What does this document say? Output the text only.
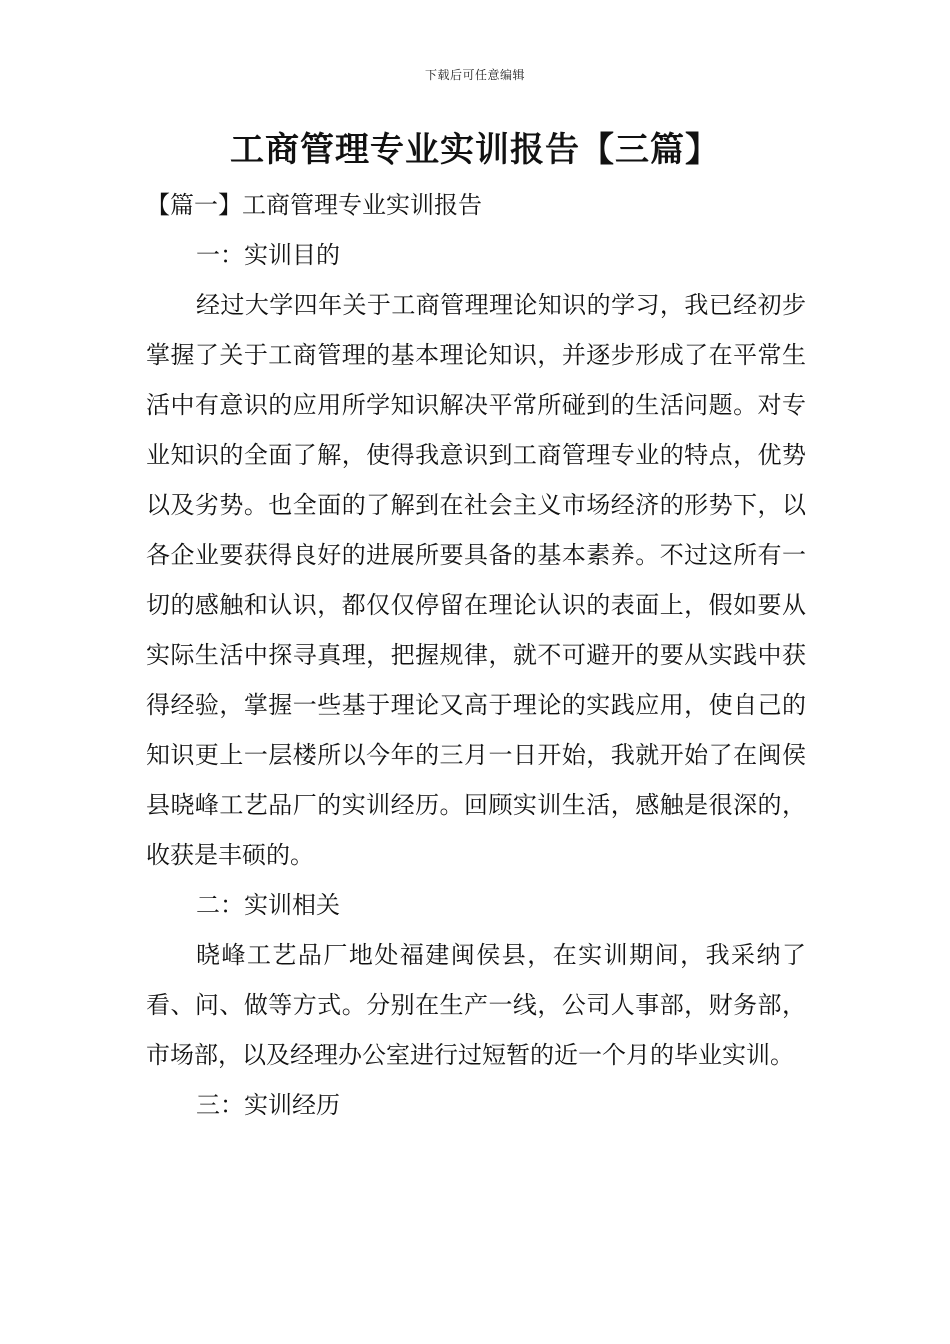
下载后可任意编辑
工商管理专业实训报告【三篇】

【篇一】工商管理专业实训报告

一：实训目的

经过大学四年关于工商管理理论知识的学习，我已经初步掌握了关于工商管理的基本理论知识，并逐步形成了在平常生活中有意识的应用所学知识解决平常所碰到的生活问题。对专业知识的全面了解，使得我意识到工商管理专业的特点，优势以及劣势。也全面的了解到在社会主义市场经济的形势下，以各企业要获得良好的进展所要具备的基本素养。不过这所有一切的感触和认识，都仅仅停留在理论认识的表面上，假如要从实际生活中探寻真理，把握规律，就不可避开的要从实践中获得经验，掌握一些基于理论又高于理论的实践应用，使自己的知识更上一层楼所以今年的三月一日开始，我就开始了在闽侯县晓峰工艺品厂的实训经历。回顾实训生活，感触是很深的，收获是丰硕的。

二：实训相关

晓峰工艺品厂地处福建闽侯县，在实训期间，我采纳了看、问、做等方式。分别在生产一线，公司人事部，财务部，市场部，以及经理办公室进行过短暂的近一个月的毕业实训。

三：实训经历
